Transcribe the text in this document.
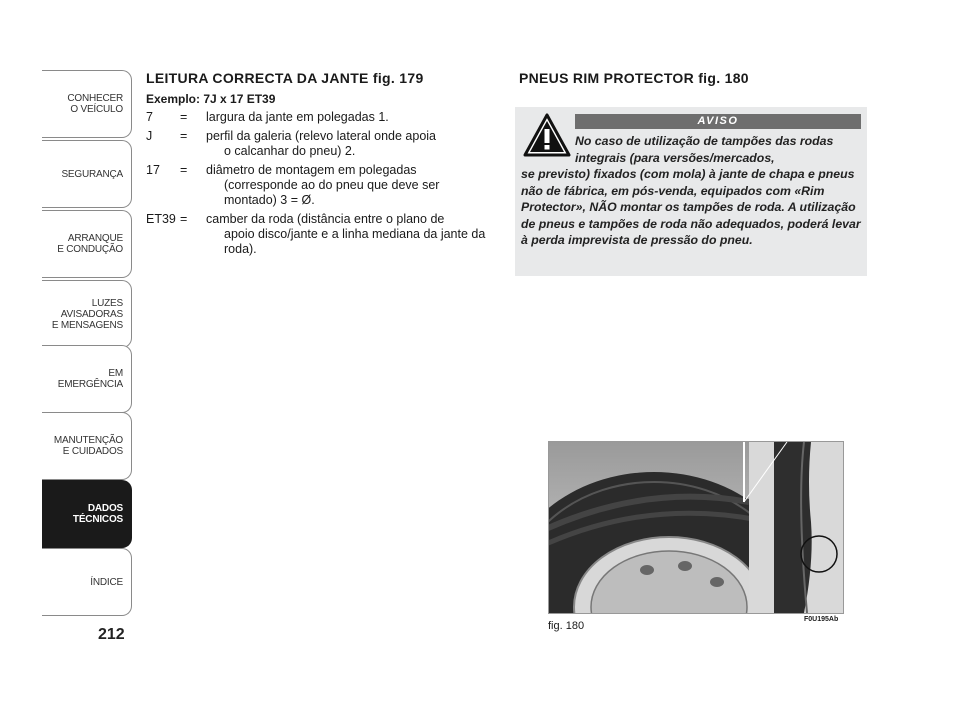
CONHECER
O VEÍCULO
SEGURANÇA
ARRANQUE
E CONDUÇÃO
LUZES
AVISADORAS
E MENSAGENS
EM EMERGÊNCIA
MANUTENÇÃO
E CUIDADOS
DADOS
TÉCNICOS
ÍNDICE
212

LEITURA CORRECTA DA JANTE fig. 179

Exemplo: 7J x 17 ET39
7	=	largura da jante em polegadas 1.
J	=	perfil da galeria (relevo lateral onde apoia
o calcanhar do pneu) 2.
17	=	diâmetro de montagem em polegadas
(corresponde ao do pneu que deve ser montado) 3 = Ø.
ET39 =	camber da roda (distância entre o plano de
apoio disco/jante e a linha mediana da jante da roda).
PNEUS RIM PROTECTOR fig. 180
AVISO
No caso de utilização de tampões das rodas integrais (para versões/mercados,
se previsto) fixados (com mola) à jante de chapa e pneus não de fábrica, em pós-venda, equipados com «Rim Protector», NÃO montar os tampões de roda. A utilização de pneus e tampões de roda não adequados, poderá levar à perda imprevista de pressão do pneu.
fig. 180
F0U195Ab
